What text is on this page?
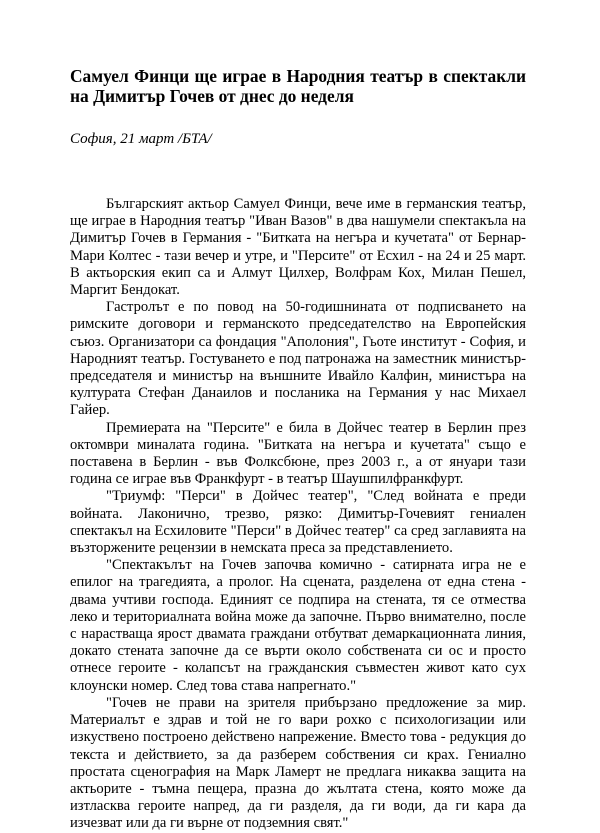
Самуел Финци ще играе в Народния театър в спектакли на Димитър Гочев от днес до неделя
София, 21 март /БТА/

Българският актьор Самуел Финци, вече име в германския театър, ще играе в Народния театър "Иван Вазов" в два нашумели спектакъла на Димитър Гочев в Германия - "Битката на негъра и кучетата" от Бернар-Мари Колтес - тази вечер и утре, и "Персите" от Есхил - на 24 и 25 март. В актьорския екип са и Алмут Цилхер, Волфрам Кох, Милан Пешел, Маргит Бендокат.

Гастролът е по повод на 50-годишнината от подписването на римските договори и германското председателство на Европейския съюз. Организатори са фондация "Аполония", Гьоте институт - София, и Народният театър. Гостуването е под патронажа на заместник министър-председателя и министър на външните Ивайло Калфин, министъра на културата Стефан Данаилов и посланика на Германия у нас Михаел Гайер.

Премиерата на "Персите" е била в Дойчес театер в Берлин през октомври миналата година. "Битката на негъра и кучетата" също е поставена в Берлин - във Фолксбюне, през 2003 г., а от януари тази година се играе във Франкфурт - в театър Шаушпилфранкфурт.

"Триумф: "Перси" в Дойчес театер", "След войната е преди войната. Лаконично, трезво, рязко: Димитър-Гочевият гениален спектакъл на Есхиловите "Перси" в Дойчес театер" са сред заглавията на възторжените рецензии в немската преса за представлението.

"Спектакълът на Гочев започва комично - сатирната игра не е епилог на трагедията, а пролог. На сцената, разделена от една стена - двама учтиви господа. Единият се подпира на стената, тя се отмества леко и териториалната война може да започне. Първо внимателно, после с нарастваща ярост двамата граждани отбутват демаркационната линия, докато стената започне да се върти около собствената си ос и просто отнесе героите - колапсът на гражданския съвместен живот като сух клоунски номер. След това става напрегнато."

"Гочев не прави на зрителя прибързано предложение за мир. Материалът е здрав и той не го вари рохко с психологизации или изкуствено построено действено напрежение. Вместо това - редукция до текста и действието, за да разберем собствения си крах. Гениално простата сценография на Марк Ламерт не предлага никаква защита на актьорите - тъмна пещера, празна до жълтата стена, която може да изтласква героите напред, да ги разделя, да ги води, да ги кара да изчезват или да ги върне от подземния свят."
